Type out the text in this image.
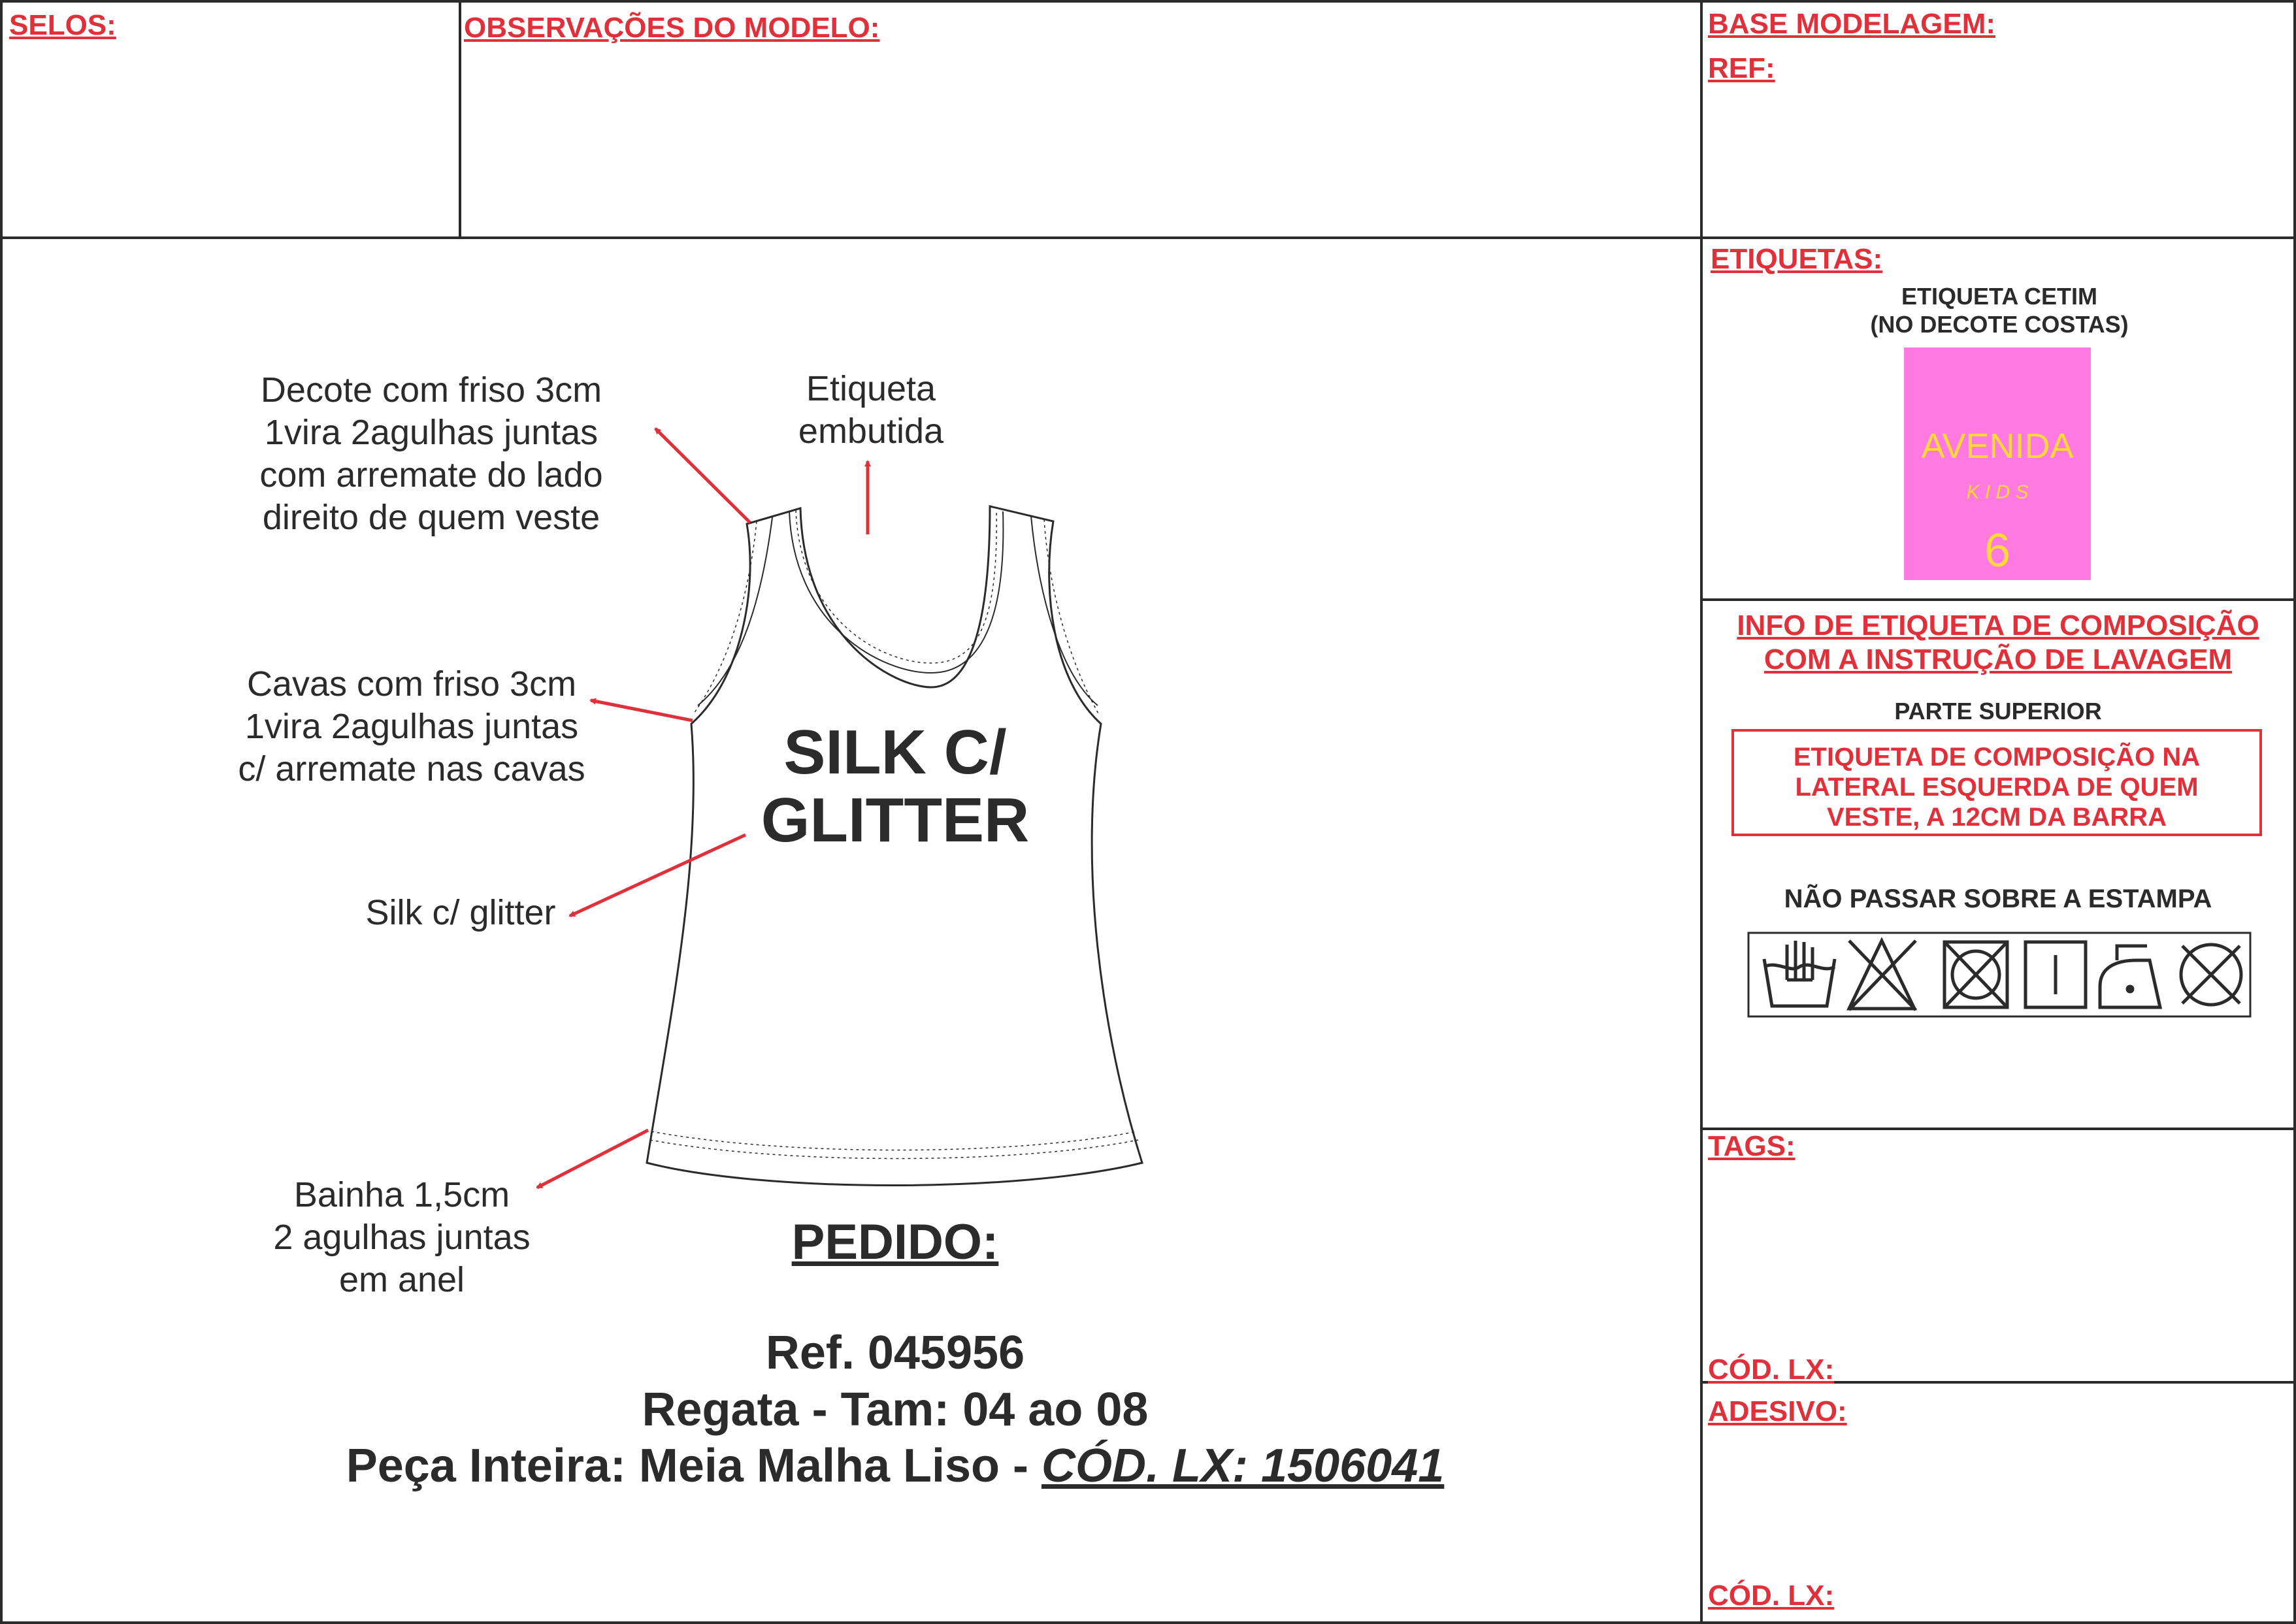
SELOS:	OBSERVAÇÕES DO MODELO:	BASE MODELAGEM:
REF:
Decote com friso 3cm
1vira 2agulhas juntas
com arremate do lado
direito de quem veste
Etiqueta
embutida
Cavas com friso 3cm
1vira 2agulhas juntas
c/ arremate nas cavas
Silk c/ glitter
Bainha 1,5cm
2 agulhas juntas
em anel
SILK C/
GLITTER
PEDIDO:
Ref. 045956
Regata - Tam: 04 ao 08
Peça Inteira: Meia Malha Liso - CÓD. LX: 1506041
ETIQUETAS:
ETIQUETA CETIM
(NO DECOTE COSTAS)
AVENIDA
K I D S
6
INFO DE ETIQUETA DE COMPOSIÇÃO
COM A INSTRUÇÃO DE LAVAGEM
PARTE SUPERIOR
ETIQUETA DE COMPOSIÇÃO NA
LATERAL ESQUERDA DE QUEM
VESTE, A 12CM DA BARRA
NÃO PASSAR SOBRE A ESTAMPA
TAGS:
CÓD. LX:
ADESIVO:
CÓD. LX:
